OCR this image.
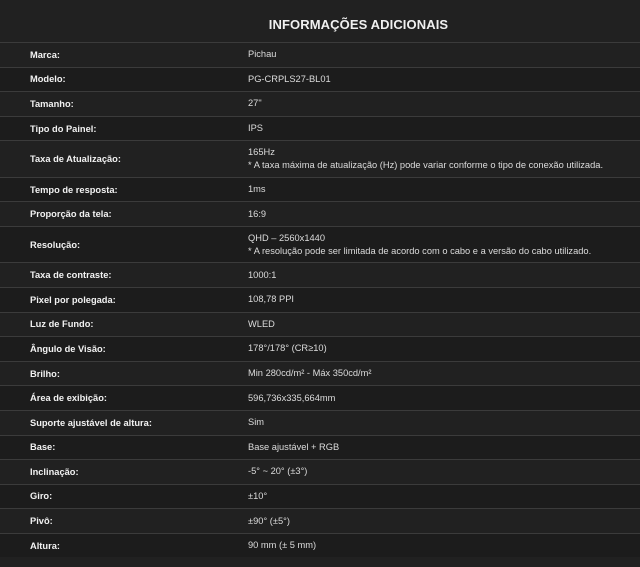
INFORMAÇÕES ADICIONAIS
Marca:	Pichau
Modelo:	PG-CRPLS27-BL01
Tamanho:	27"
Tipo do Painel:	IPS
Taxa de Atualização:
165Hz
* A taxa máxima de atualização (Hz) pode variar conforme o tipo de conexão utilizada.
Tempo de resposta:	1ms
Proporção da tela:	16:9
Resolução:
QHD – 2560x1440
* A resolução pode ser limitada de acordo com o cabo e a versão do cabo utilizado.
Taxa de contraste:	1000:1
Pixel por polegada:	108,78 PPI
Luz de Fundo:	WLED
Ângulo de Visão:	178°/178° (CR≥10)
Brilho:	Min 280cd/m² - Máx 350cd/m²
Área de exibição:	596,736x335,664mm
Suporte ajustável de altura:	Sim
Base:	Base ajustável + RGB
Inclinação:	-5° ~ 20° (±3°)
Giro:	±10°
Pivô:	±90° (±5°)
Altura:	90 mm (± 5 mm)
